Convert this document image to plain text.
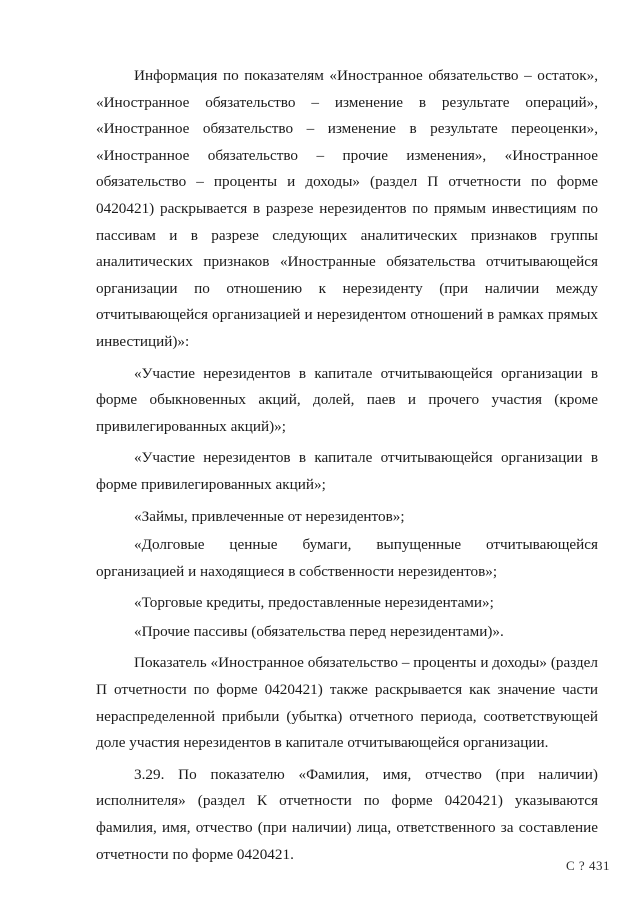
Информация по показателям «Иностранное обязательство – остаток», «Иностранное обязательство – изменение в результате операций», «Иностранное обязательство – изменение в результате переоценки», «Иностранное обязательство – прочие изменения», «Иностранное обязательство – проценты и доходы» (раздел П отчетности по форме 0420421) раскрывается в разрезе нерезидентов по прямым инвестициям по пассивам и в разрезе следующих аналитических признаков группы аналитических признаков «Иностранные обязательства отчитывающейся организации по отношению к нерезиденту (при наличии между отчитывающейся организацией и нерезидентом отношений в рамках прямых инвестиций)»:

«Участие нерезидентов в капитале отчитывающейся организации в форме обыкновенных акций, долей, паев и прочего участия (кроме привилегированных акций)»;

«Участие нерезидентов в капитале отчитывающейся организации в форме привилегированных акций»;

«Займы, привлеченные от нерезидентов»;

«Долговые ценные бумаги, выпущенные отчитывающейся организацией и находящиеся в собственности нерезидентов»;

«Торговые кредиты, предоставленные нерезидентами»;

«Прочие пассивы (обязательства перед нерезидентами)».

Показатель «Иностранное обязательство – проценты и доходы» (раздел П отчетности по форме 0420421) также раскрывается как значение части нераспределенной прибыли (убытка) отчетного периода, соответствующей доле участия нерезидентов в капитале отчитывающейся организации.

3.29. По показателю «Фамилия, имя, отчество (при наличии) исполнителя» (раздел К отчетности по форме 0420421) указываются фамилия, имя, отчество (при наличии) лица, ответственного за составление отчетности по форме 0420421.

С ? 431
